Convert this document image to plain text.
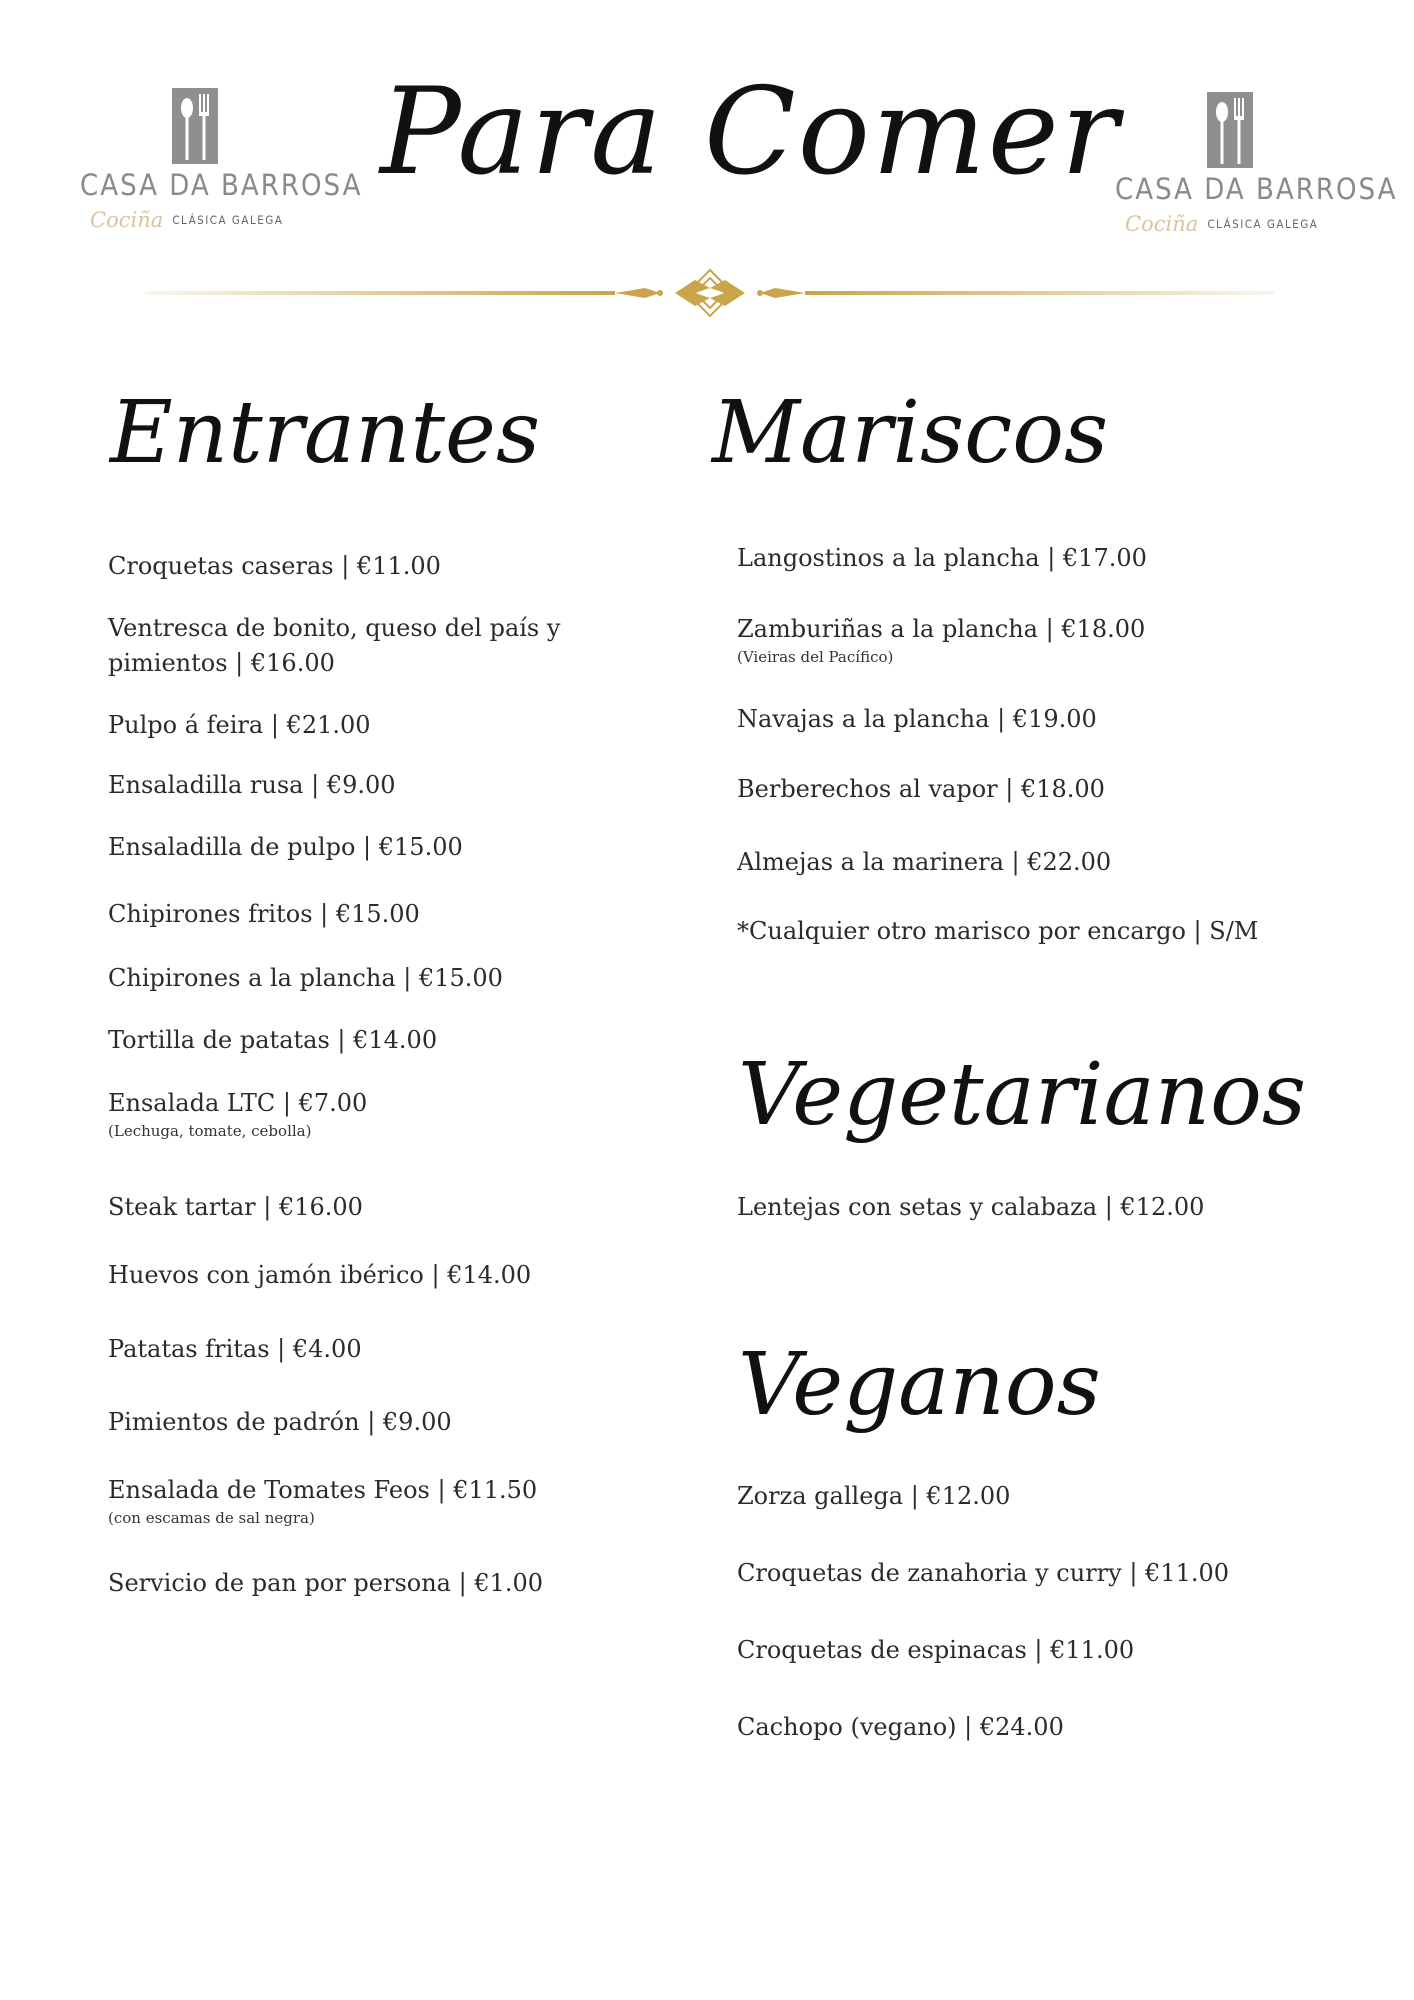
CASA DA BARROSA
Cociña CLÁSICA GALEGA
CASA DA BARROSA
Cociña CLÁSICA GALEGA
Para Comer
Entrantes Mariscos
Vegetarianos
Veganos
Croquetas caseras | €11.00
Ventresca de bonito, queso del país y
pimientos | €16.00
Pulpo á feira | €21.00
Ensaladilla rusa | €9.00
Ensaladilla de pulpo | €15.00
Chipirones fritos | €15.00
Chipirones a la plancha | €15.00
Tortilla de patatas | €14.00
Ensalada LTC | €7.00
(Lechuga, tomate, cebolla)
Steak tartar | €16.00
Huevos con jamón ibérico | €14.00
Patatas fritas | €4.00
Pimientos de padrón | €9.00
Ensalada de Tomates Feos | €11.50
(con escamas de sal negra)
Servicio de pan por persona | €1.00
Langostinos a la plancha | €17.00
Zamburiñas a la plancha | €18.00
(Vieiras del Pacífico)
Navajas a la plancha | €19.00
Berberechos al vapor | €18.00
Almejas a la marinera | €22.00
*Cualquier otro marisco por encargo | S/M
Lentejas con setas y calabaza | €12.00
Zorza gallega | €12.00
Croquetas de zanahoria y curry | €11.00
Croquetas de espinacas | €11.00
Cachopo (vegano) | €24.00
